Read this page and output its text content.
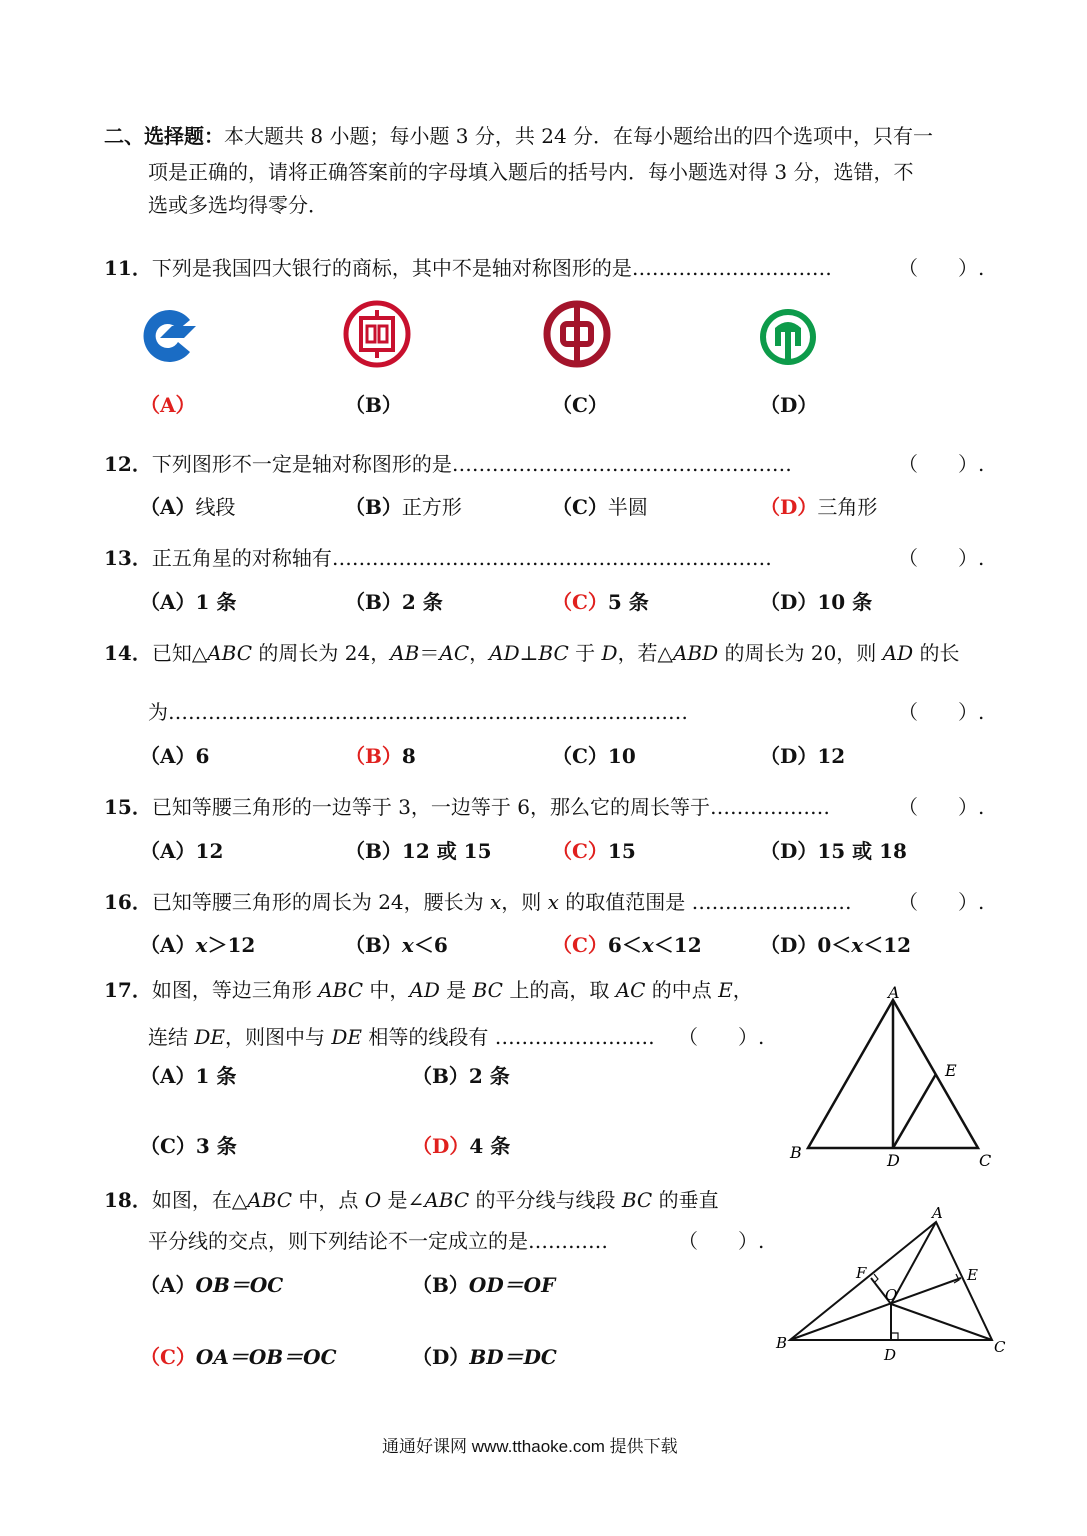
二、选择题：本大题共 8 小题；每小题 3 分，共 24 分．在每小题给出的四个选项中，只有一
项是正确的，请将正确答案前的字母填入题后的括号内．每小题选对得 3 分，选错，不
选或多选均得零分．
11．下列是我国四大银行的商标，其中不是轴对称图形的是…………………………	（　　）.
（A）	（B）	（C）	（D）
12．下列图形不一定是轴对称图形的是……………………………………………	（　　）.
（A）线段	（B）正方形	（C）半圆	（D）三角形
13．正五角星的对称轴有…………………………………………………………	（　　）.
（A）1 条	（B）2 条	（C）5 条	（D）10 条
14．已知△ABC 的周长为 24，AB＝AC，AD⊥BC 于 D，若△ABD 的周长为 20，则 AD 的长
为……………………………………………………………………	（　　）.
（A）6	（B）8	（C）10	（D）12
15．已知等腰三角形的一边等于 3，一边等于 6，那么它的周长等于………………	（　　）.
（A）12	（B）12 或 15	（C）15	（D）15 或 18
16．已知等腰三角形的周长为 24，腰长为 x，则 x 的取值范围是 …………………… （　　）.
（A）x＞12	（B）x＜6	（C）6＜x＜12	（D）0＜x＜12
17．如图，等边三角形 ABC 中，AD 是 BC 上的高，取 AC 的中点 E，
连结 DE，则图中与 DE 相等的线段有 …………………… （　　）.
（A）1 条	（B）2 条
（C）3 条	（D）4 条
A
B	C
D
E
18．如图，在△ABC 中，点 O 是∠ABC 的平分线与线段 BC 的垂直
平分线的交点，则下列结论不一定成立的是…………	（　　）.
（A）OB＝OC	（B）OD＝OF
（C）OA＝OB＝OC	（D）BD＝DC
A
B	C
D
E
F
O
通通好课网 www.tthaoke.com 提供下载
